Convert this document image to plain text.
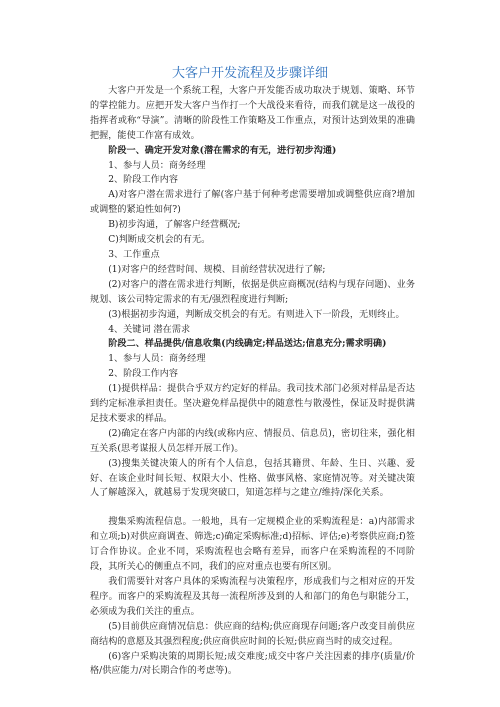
大客户开发流程及步骤详细

大客户开发是一个系统工程，大客户开发能否成功取决于规划、策略、环节的掌控能力。应把开发大客户当作打一个大战役来看待，而我们就是这一战役的指挥者或称“导演”。清晰的阶段性工作策略及工作重点，对预计达到效果的准确把握，能使工作富有成效。

阶段一、确定开发对象(潜在需求的有无，进行初步沟通)

1、参与人员：商务经理

2、阶段工作内容

A)对客户潜在需求进行了解(客户基于何种考虑需要增加或调整供应商?增加或调整的紧迫性如何?)

B)初步沟通，了解客户经营概况;

C)判断成交机会的有无。

3、工作重点

(1)对客户的经营时间、规模、目前经营状况进行了解;

(2)对客户的潜在需求进行判断，依据是供应商概况(结构与现存问题)、业务规划、该公司特定需求的有无/强烈程度进行判断;

(3)根据初步沟通，判断成交机会的有无。有则进入下一阶段，无则终止。

4、关键词 潜在需求

阶段二、样品提供/信息收集(内线确定;样品送达;信息充分;需求明确)

1、参与人员：商务经理

2、阶段工作内容

(1)提供样品：提供合乎双方约定好的样品。我司技术部门必须对样品是否达到约定标准承担责任。坚决避免样品提供中的随意性与散漫性，保证及时提供满足技术要求的样品。

(2)确定在客户内部的内线(或称内应、情报员、信息员)，密切往来，强化相互关系(思考谋报人员怎样开展工作)。

(3)搜集关键决策人的所有个人信息，包括其籍贯、年龄、生日、兴趣、爱好、在该企业时间长短、权限大小、性格、做事风格、家庭情况等。对关键决策人了解越深入，就越易于发现突破口，知道怎样与之建立/维持/深化关系。

搜集采购流程信息。一般地，具有一定规模企业的采购流程是：a)内部需求和立项;b)对供应商调查、筛选;c)确定采购标准;d)招标、评估;e)考察供应商;f)签订合作协议。企业不同，采购流程也会略有差异，而客户在采购流程的不同阶段，其所关心的侧重点不同，我们的应对重点也要有所区别。

我们需要针对客户具体的采购流程与决策程序，形成我们与之相对应的开发程序。而客户的采购流程及其每一流程所涉及到的人和部门的角色与职能分工，必须成为我们关注的重点。

(5)目前供应商情况信息：供应商的结构;供应商现存问题;客户改变目前供应商结构的意愿及其强烈程度;供应商供应时间的长短;供应商当时的成交过程。

(6)客户采购决策的周期长短;成交难度;成交中客户关注因素的排序(质量/价格/供应能力/对长期合作的考虑等)。
